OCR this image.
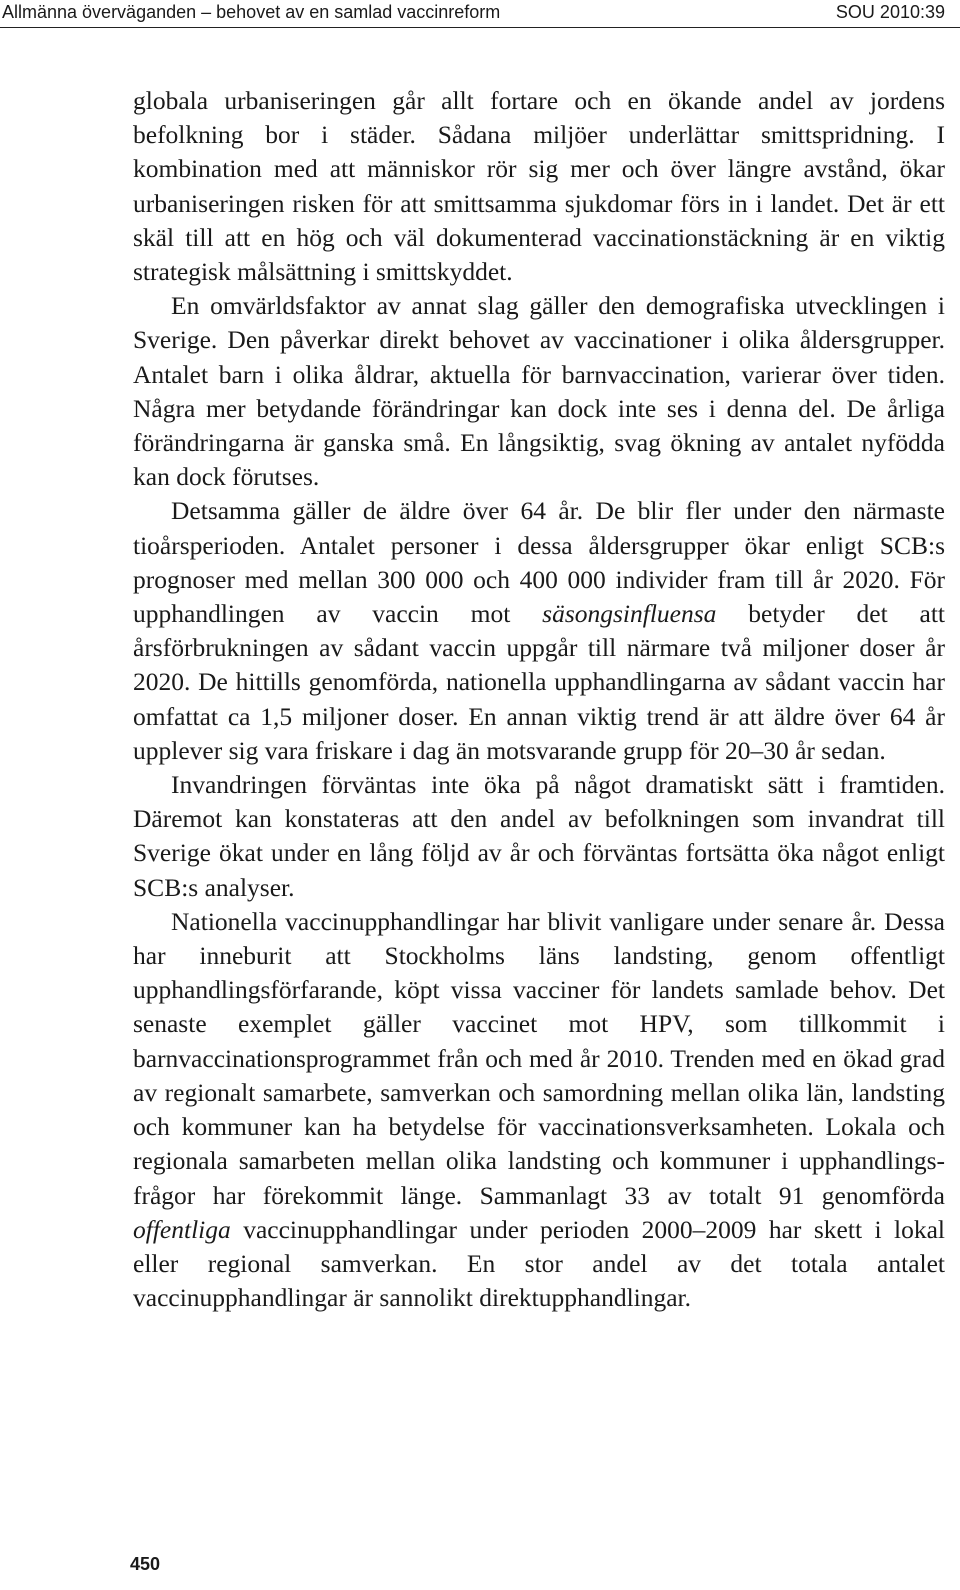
Allmänna överväganden – behovet av en samlad vaccinreform	SOU 2010:39

globala urbaniseringen går allt fortare och en ökande andel av jordens befolkning bor i städer. Sådana miljöer underlättar smittspridning. I kombination med att människor rör sig mer och över längre avstånd, ökar urbaniseringen risken för att smittsamma sjukdomar förs in i landet. Det är ett skäl till att en hög och väl dokumenterad vaccinationstäckning är en viktig strategisk målsättning i smittskyddet.

En omvärldsfaktor av annat slag gäller den demografiska utvecklingen i Sverige. Den påverkar direkt behovet av vaccinationer i olika åldersgrupper. Antalet barn i olika åldrar, aktuella för barnvaccination, varierar över tiden. Några mer betydande förändringar kan dock inte ses i denna del. De årliga förändringarna är ganska små. En långsiktig, svag ökning av antalet nyfödda kan dock förutses.

Detsamma gäller de äldre över 64 år. De blir fler under den närmaste tioårsperioden. Antalet personer i dessa åldersgrupper ökar enligt SCB:s prognoser med mellan 300 000 och 400 000 individer fram till år 2020. För upphandlingen av vaccin mot säsongsinfluensa betyder det att årsförbrukningen av sådant vaccin uppgår till närmare två miljoner doser år 2020. De hittills genomförda, nationella upphandlingarna av sådant vaccin har omfattat ca 1,5 miljoner doser. En annan viktig trend är att äldre över 64 år upplever sig vara friskare i dag än motsvarande grupp för 20–30 år sedan.

Invandringen förväntas inte öka på något dramatiskt sätt i framtiden. Däremot kan konstateras att den andel av befolkningen som invandrat till Sverige ökat under en lång följd av år och förväntas fortsätta öka något enligt SCB:s analyser.

Nationella vaccinupphandlingar har blivit vanligare under senare år. Dessa har inneburit att Stockholms läns landsting, genom offentligt upphandlingsförfarande, köpt vissa vacciner för landets samlade behov. Det senaste exemplet gäller vaccinet mot HPV, som tillkommit i barnvaccinationsprogrammet från och med år 2010. Trenden med en ökad grad av regionalt samarbete, samverkan och samordning mellan olika län, landsting och kommuner kan ha betydelse för vaccinationsverksamheten. Lokala och regionala samarbeten mellan olika landsting och kommuner i upphandlingsfrågor har förekommit länge. Sammanlagt 33 av totalt 91 genomförda offentliga vaccinupphandlingar under perioden 2000–2009 har skett i lokal eller regional samverkan. En stor andel av det totala antalet vaccinupphandlingar är sannolikt direktupphandlingar.

450
